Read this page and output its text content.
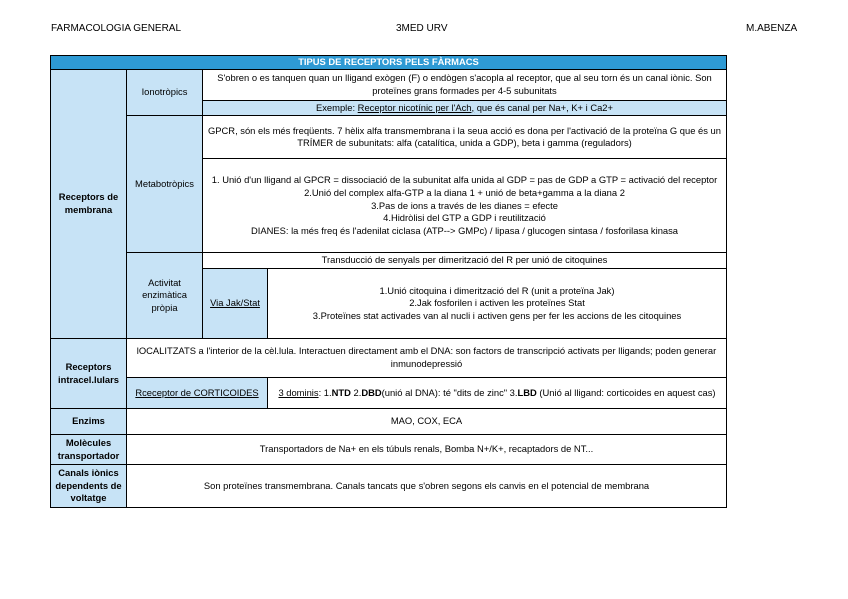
FARMACOLOGIA GENERAL	3MED URV	M.ABENZA
TIPUS DE RECEPTORS PELS FÀRMACS			
Receptors de membrana	Ionotròpics	S'obren o es tanquen quan un lligand exògen (F) o endògen s'acopla al receptor, que al seu torn és un canal iònic. Son proteïnes grans formades per 4-5 subunitats	
		Exemple: Receptor nicotínic per l'Ach, que és canal per Na+, K+ i Ca2+	
	Metabotròpics	GPCR, són els més freqüents. 7 hèlix alfa transmembrana i la seua acció es dona per l'activació de la proteïna G que és un TRÍMER de subunitats: alfa (catalítica, unida a GDP), beta i gamma (reguladors)	

		1. Unió d'un lligand al GPCR = dissociació de la subunitat alfa unida al GDP = pas de GDP a GTP = activació del receptor
2.Unió del complex alfa-GTP a la diana 1 + unió de beta+gamma a la diana 2
3.Pas de ions a través de les dianes = efecte
4.Hidròlisi del GTP a GDP i reutilització
DIANES: la més freq és l'adenilat ciclasa (ATP--> GMPc) / lipasa / glucogen sintasa / fosforilasa kinasa	

	Activitat enzimàtica pròpia	Transducció de senyals per dimerització del R per unió de citoquines	
		Via Jak/Stat	1.Unió citoquina i dimerització del R (unit a proteïna Jak)
2.Jak fosforilen i activen les proteïnes Stat
3.Proteïnes stat activades van al nucli i activen gens per fer les accions de les citoquines

Receptors intracel.lulars	lOCALITZATS a l'interior de la cèl.lula. Interactuen directament amb el DNA: son factors de transcripció activats per lligands; poden generar inmunodepressió		
	Rceceptor de CORTICOIDES		3 dominis: 1.NTD 2.DBD(unió al DNA): té "dits de zinc" 3.LBD (Unió al lligand: corticoides en aquest cas)
Enzims	MAO, COX, ECA		
Molècules transportador	Transportadors de Na+ en els túbuls renals, Bomba N+/K+, recaptadors de NT...		
Canals iònics dependents de voltatge	Son proteïnes transmembrana. Canals tancats que s'obren segons els canvis en el potencial de membrana		
